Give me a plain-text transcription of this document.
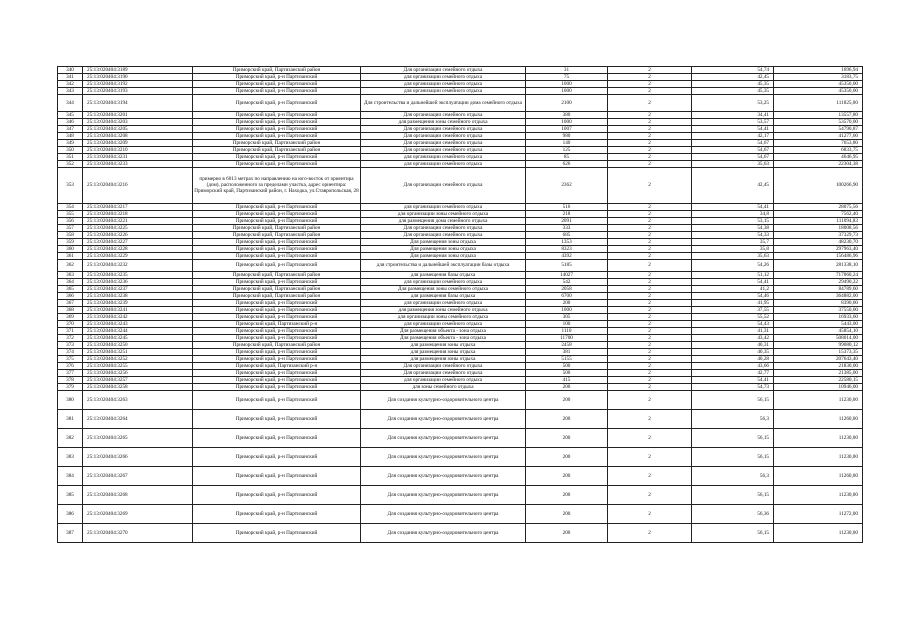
340	25:13:020404:3189	Приморский край, Партизанский район	Для организации семейного отдыха	31	2	54,74	1696,94
341	25:13:020404:3190	Приморский край, р-н Партизанский	для организации семейного отдыха	75	2	42,45	3183,75
342	25:13:020404:3192	Приморский край, р-н Партизанский	для организации семейного отдыха	1000	2	45,35	45350,00
343	25:13:020404:3193	Приморский край, р-н Партизанский	для организации семейного отдыха	1000	2	45,35	45350,00
344	25:13:020404:3194	Приморский край, р-н Партизанский	Для строительства и дальнейшей эксплуатации дома семейного отдыха	2100	2	53,25	111825,00
345	25:13:020404:3201	Приморский край, р-н Партизанский	Для организации семейного отдыха	380	2	34,41	13557,80
346	25:13:020404:3203	Приморский край, р-н Партизанский	для размещения зоны семейного отдыха	1000	2	53,57	53570,00
347	25:13:020404:3205	Приморский край, р-н Партизанский	Для организации семейного отдыха	1007	2	54,41	54790,87
348	25:13:020404:3208	Приморский край, р-н Партизанский	Для организации семейного отдыха	980	2	42,17	41277,60
349	25:13:020404:3209	Приморский край, Партизанский район	Для организации семейного отдыха	140	2	54,67	7653,80
350	25:13:020404:3210	Приморский край, Партизанский район	Для организации семейного отдыха	125	2	54,67	6833,75
351	25:13:020404:3231	Приморский край, р-н Партизанский	для организации семейного отдыха	85	2	54,67	4646,95
352	25:13:020404:3233	Приморский край, р-н Партизанский	для организации семейного отдыха	626	2	35,63	22304,38
353	25:13:020404:3216	примерно в 6013 метрах по направлению на юго-восток от ориентира (дом), расположенного за пределами участка, адрес ориентира: Приморский край, Партизанский район, г. Находка, ул.Ставропольская, 28	Для организации семейного отдыха	2362	2	42,45	100266,90
354	25:13:020404:3217	Приморский край, р-н Партизанский	для организации семейного отдыха	516	2	54,41	28075,56
355	25:13:020404:3218	Приморский край, р-н Партизанский	для организации зоны семейного отдыха	218	2	34,8	7562,40
356	25:13:020404:3221	Приморский край, р-н Партизанский	для размещения дома семейного отдыха	2091	2	53,15	111094,83
357	25:13:020404:3225	Приморский край, Партизанский район	Для организации семейного отдыха	333	2	54,38	18008,56
358	25:13:020404:3226	Приморский край, Партизанский район	Для организации семейного отдыха	685	2	54,33	37329,73
359	25:13:020404:3227	Приморский край, р-н Партизанский	Для размещения зоны отдыха	1353	2	35,7	48230,70
360	25:13:020404:3228	Приморский край, р-н Партизанский	Для размещения зоны отдыха	8323	2	35,8	297963,40
361	25:13:020404:3229	Приморский край, р-н Партизанский	Для размещения зоны отдыха	4392	2	35,63	156486,96
362	25:13:020404:3232	Приморский край, р-н Партизанский	для строительства и дальнейшей эксплуатации базы отдыха	5185	2	54,26	281338,10
363	25:13:020404:3235	Приморский край, Партизанский район	для размещения базы отдыха	14027	2	51,12	717060,24
364	25:13:020404:3236	Приморский край, р-н Партизанский	для организации семейного отдыха	542	2	54,41	29490,22
365	25:13:020404:3237	Приморский край, Партизанский район	Для размещения зоны семейного отдыха	2058	2	41,2	84789,60
366	25:13:020404:3238	Приморский край, Партизанский район	для размещения базы отдыха	6700	2	54,46	364882,00
367	25:13:020404:3239	Приморский край, р-н Партизанский	для организации семейного отдыха	200	2	41,95	8390,00
368	25:13:020404:3241	Приморский край, р-н Партизанский	для размещения зоны семейного отдыха	1000	2	37,55	37550,00
369	25:13:020404:3242	Приморский край, р-н Партизанский	для организации зоны семейного отдыха	305	2	55,52	16933,60
370	25:13:020404:3243	Приморский край, Партизанский р-н	для организации семейного отдыха	100	2	54,43	5443,00
371	25:13:020404:3244	Приморский край, р-н Партизанский	Для размещения объекта - зона отдыха	1110	2	41,31	45854,10
372	25:13:020404:3245	Приморский край, р-н Партизанский	Для размещения объекта - зона отдыха	11700	2	43,42	508014,00
373	25:13:020404:3250	Приморский край, Партизанский район	для размещения зоны отдыха	2458	2	40,31	99080,12
374	25:13:020404:3251	Приморский край, р-н Партизанский	для размещения зоны отдыха	381	2	40,35	15373,35
375	25:13:020404:3252	Приморский край, р-н Партизанский	для размещения зоны отдыха	5155	2	40,28	207643,40
376	25:13:020404:3255	Приморский край, Партизанский р-н	Для организации семейного отдыха	500	2	43,66	21830,00
377	25:13:020404:3256	Приморский край, р-н Партизанский	Для организации семейного отдыха	500	2	42,77	21385,00
378	25:13:020404:3257	Приморский край, р-н Партизанский	для организации семейного отдыха	415	2	54,41	22580,15
379	25:13:020404:3258	Приморский край, р-н Партизанский	для зоны семейного отдыха	200	2	54,73	10946,00
380	25:13:020404:3263	Приморский край, р-н Партизанский	Для создания культурно-оздоровительного центра	200	2	56,15	11230,00
381	25:13:020404:3264	Приморский край, р-н Партизанский	Для создания культурно-оздоровительного центра	200	2	56,3	11260,00
382	25:13:020404:3265	Приморский край, р-н Партизанский	Для создания культурно-оздоровительного центра	200	2	56,15	11230,00
383	25:13:020404:3266	Приморский край, р-н Партизанский	Для создания культурно-оздоровительного центра	200	2	56,15	11230,00
384	25:13:020404:3267	Приморский край, р-н Партизанский	Для создания культурно-оздоровительного центра	200	2	56,3	11260,00
385	25:13:020404:3268	Приморский край, р-н Партизанский	Для создания культурно-оздоровительного центра	200	2	56,15	11230,00
386	25:13:020404:3269	Приморский край, р-н Партизанский	Для создания культурно-оздоровительного центра	200	2	56,36	11272,00
387	25:13:020404:3270	Приморский край, р-н Партизанский	Для создания культурно-оздоровительного центра	200	2	56,15	11230,00
